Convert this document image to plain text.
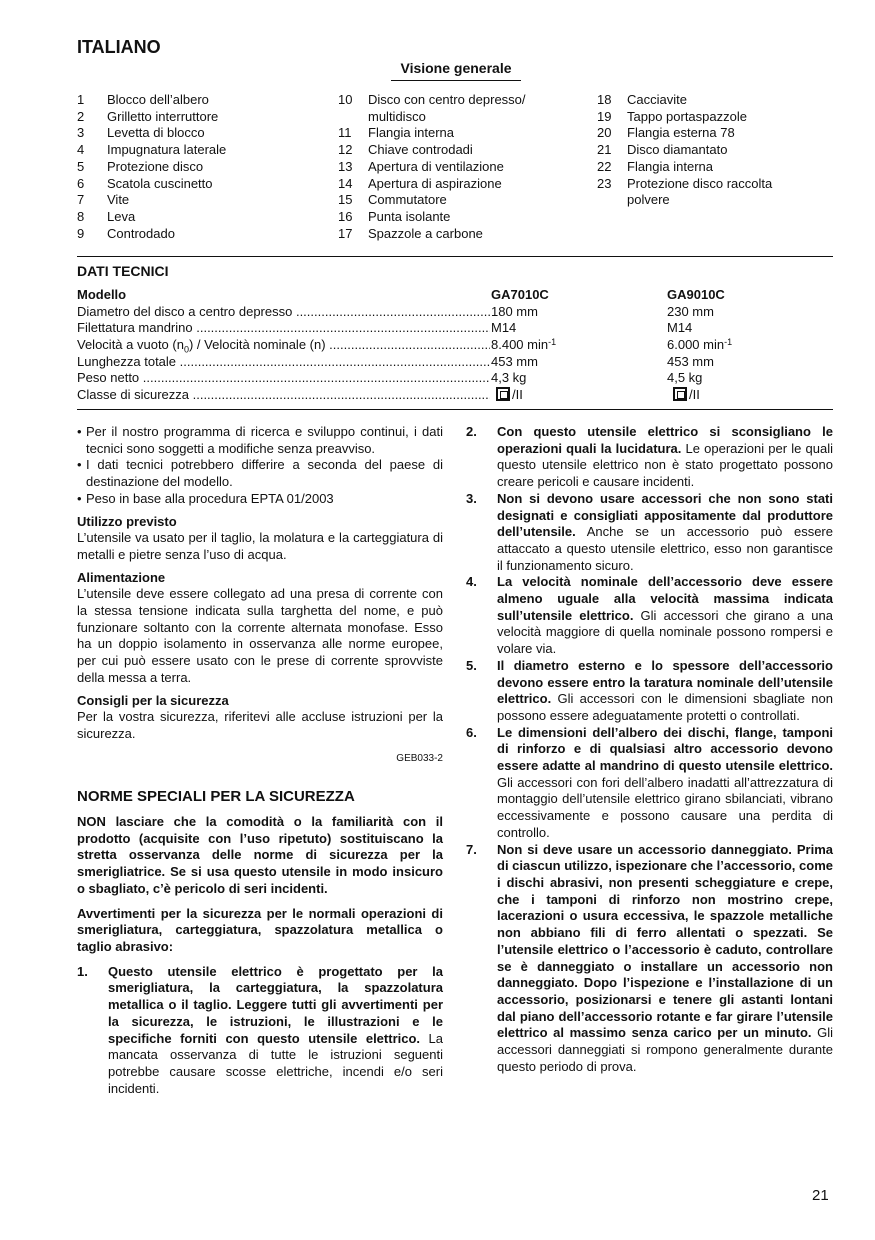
ITALIANO
Visione generale
1	Blocco dell’albero
2	Grilletto interruttore
3	Levetta di blocco
4	Impugnatura laterale
5	Protezione disco
6	Scatola cuscinetto
7	Vite
8	Leva
9	Controdado
10	Disco con centro depresso/
multidisco
11	Flangia interna
12	Chiave controdadi
13	Apertura di ventilazione
14	Apertura di aspirazione
15	Commutatore
16	Punta isolante
17	Spazzole a carbone
18	Cacciavite
19	Tappo portaspazzole
20	Flangia esterna 78
21	Disco diamantato
22	Flangia interna
23	Protezione disco raccolta
polvere
DATI TECNICI
Modello	GA7010C	GA9010C
Diametro del disco a centro depresso .....	180 mm	230 mm
Filettatura mandrino .....	M14	M14
Velocità a vuoto $(n_0)$ / Velocità nominale (n) .....	8.400 $\min^{-1}$	6.000 $\min^{-1}$
Lunghezza totale .....	453 mm	453 mm
Peso netto .....	4,3 kg	4,5 kg
Classe di sicurezza .....	/II	/II
• Per il nostro programma di ricerca e sviluppo continui, i dati tecnici sono soggetti a modifiche senza preavviso.
• I dati tecnici potrebbero differire a seconda del paese di destinazione del modello.
• Peso in base alla procedura EPTA 01/2003
Utilizzo previsto
L’utensile va usato per il taglio, la molatura e la carteggiatura di metalli e pietre senza l’uso di acqua.
Alimentazione
L’utensile deve essere collegato ad una presa di corrente con la stessa tensione indicata sulla targhetta del nome, e può funzionare soltanto con la corrente alternata monofase. Esso ha un doppio isolamento in osservanza alle norme europee, per cui può essere usato con le prese di corrente sprovviste della messa a terra.
Consigli per la sicurezza
Per la vostra sicurezza, riferitevi alle accluse istruzioni per la sicurezza.
GEB033-2
NORME SPECIALI PER LA SICUREZZA
NON lasciare che la comodità o la familiarità con il prodotto (acquisite con l’uso ripetuto) sostituiscano la stretta osservanza delle norme di sicurezza per la smerigliatrice. Se si usa questo utensile in modo insicuro o sbagliato, c’è pericolo di seri incidenti.
Avvertimenti per la sicurezza per le normali operazioni di smerigliatura, carteggiatura, spazzolatura metallica o taglio abrasivo:
1.	Questo utensile elettrico è progettato per la smerigliatura, la carteggiatura, la spazzolatura metallica o il taglio. Leggere tutti gli avvertimenti per la sicurezza, le istruzioni, le illustrazioni e le specifiche forniti con questo utensile elettrico. La mancata osservanza di tutte le istruzioni seguenti potrebbe causare scosse elettriche, incendi e/o seri incidenti.
2.	Con questo utensile elettrico si sconsigliano le operazioni quali la lucidatura. Le operazioni per le quali questo utensile elettrico non è stato progettato possono creare pericoli e causare incidenti.
3.	Non si devono usare accessori che non sono stati designati e consigliati appositamente dal produttore dell’utensile. Anche se un accessorio può essere attaccato a questo utensile elettrico, esso non garantisce il funzionamento sicuro.
4.	La velocità nominale dell’accessorio deve essere almeno uguale alla velocità massima indicata sull’utensile elettrico. Gli accessori che girano a una velocità maggiore di quella nominale possono rompersi e volare via.
5.	Il diametro esterno e lo spessore dell’accessorio devono essere entro la taratura nominale dell’utensile elettrico. Gli accessori con le dimensioni sbagliate non possono essere adeguatamente protetti o controllati.
6.	Le dimensioni dell’albero dei dischi, flange, tamponi di rinforzo e di qualsiasi altro accessorio devono essere adatte al mandrino di questo utensile elettrico. Gli accessori con fori dell’albero inadatti all’attrezzatura di montaggio dell’utensile elettrico girano sbilanciati, vibrano eccessivamente e possono causare una perdita di controllo.
7.	Non si deve usare un accessorio danneggiato. Prima di ciascun utilizzo, ispezionare che l’accessorio, come i dischi abrasivi, non presenti scheggiature e crepe, che i tamponi di rinforzo non mostrino crepe, lacerazioni o usura eccessiva, le spazzole metalliche non abbiano fili di ferro allentati o spezzati. Se l’utensile elettrico o l’accessorio è caduto, controllare se è danneggiato o installare un accessorio non danneggiato. Dopo l’ispezione e l’installazione di un accessorio, posizionarsi e tenere gli astanti lontani dal piano dell’accessorio rotante e far girare l’utensile elettrico al massimo senza carico per un minuto. Gli accessori danneggiati si rompono generalmente durante questo periodo di prova.
21
